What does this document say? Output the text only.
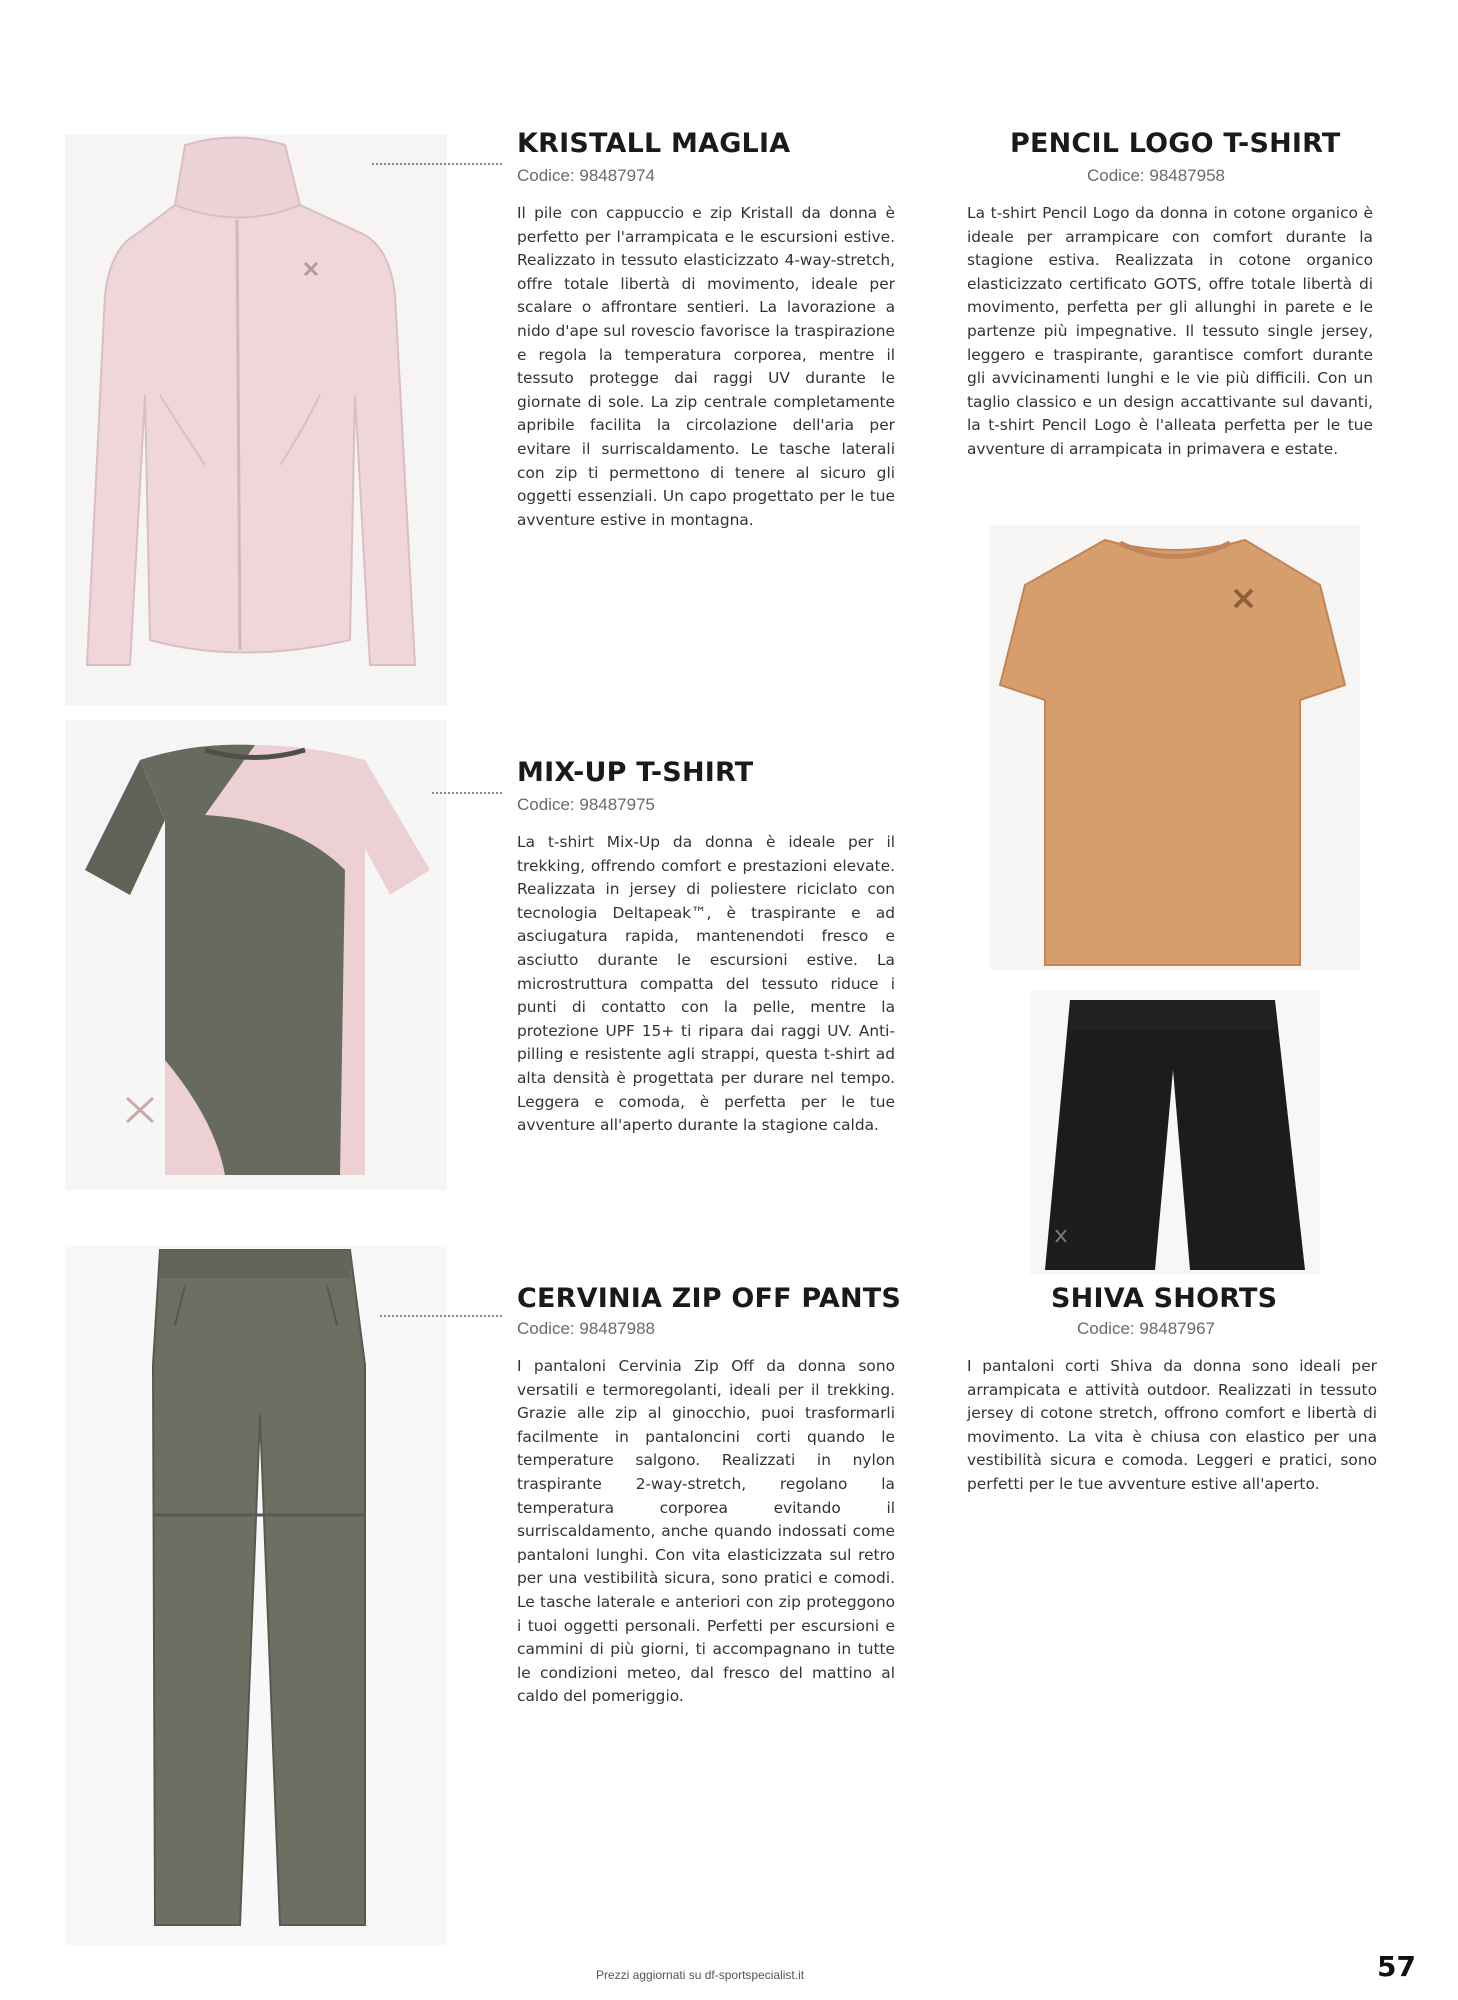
KRISTALL MAGLIA
Codice: 98487974
Il pile con cappuccio e zip Kristall da donna è perfetto per l'arrampicata e le escursioni estive. Realizzato in tessuto elasticizzato 4-way-stretch, offre totale libertà di movimento, ideale per scalare o affrontare sentieri. La lavorazione a nido d'ape sul rovescio favorisce la traspirazione e regola la temperatura corporea, mentre il tessuto protegge dai raggi UV durante le giornate di sole. La zip centrale completamente apribile facilita la circolazione dell'aria per evitare il surriscaldamento. Le tasche laterali con zip ti permettono di tenere al sicuro gli oggetti essenziali. Un capo progettato per le tue avventure estive in montagna.
PENCIL LOGO T-SHIRT
Codice: 98487958
La t-shirt Pencil Logo da donna in cotone organico è ideale per arrampicare con comfort durante la stagione estiva. Realizzata in cotone organico elasticizzato certificato GOTS, offre totale libertà di movimento, perfetta per gli allunghi in parete e le partenze più impegnative. Il tessuto single jersey, leggero e traspirante, garantisce comfort durante gli avvicinamenti lunghi e le vie più difficili. Con un taglio classico e un design accattivante sul davanti, la t-shirt Pencil Logo è l'alleata perfetta per le tue avventure di arrampicata in primavera e estate.
MIX-UP T-SHIRT
Codice: 98487975
La t-shirt Mix-Up da donna è ideale per il trekking, offrendo comfort e prestazioni elevate. Realizzata in jersey di poliestere riciclato con tecnologia Deltapeak™, è traspirante e ad asciugatura rapida, mantenendoti fresco e asciutto durante le escursioni estive. La microstruttura compatta del tessuto riduce i punti di contatto con la pelle, mentre la protezione UPF 15+ ti ripara dai raggi UV. Anti-pilling e resistente agli strappi, questa t-shirt ad alta densità è progettata per durare nel tempo. Leggera e comoda, è perfetta per le tue avventure all'aperto durante la stagione calda.
CERVINIA ZIP OFF PANTS
Codice: 98487988
I pantaloni Cervinia Zip Off da donna sono versatili e termoregolanti, ideali per il trekking. Grazie alle zip al ginocchio, puoi trasformarli facilmente in pantaloncini corti quando le temperature salgono. Realizzati in nylon traspirante 2-way-stretch, regolano la temperatura corporea evitando il surriscaldamento, anche quando indossati come pantaloni lunghi. Con vita elasticizzata sul retro per una vestibilità sicura, sono pratici e comodi. Le tasche laterale e anteriori con zip proteggono i tuoi oggetti personali. Perfetti per escursioni e cammini di più giorni, ti accompagnano in tutte le condizioni meteo, dal fresco del mattino al caldo del pomeriggio.
SHIVA SHORTS
Codice: 98487967
I pantaloni corti Shiva da donna sono ideali per arrampicata e attività outdoor. Realizzati in tessuto jersey di cotone stretch, offrono comfort e libertà di movimento. La vita è chiusa con elastico per una vestibilità sicura e comoda. Leggeri e pratici, sono perfetti per le tue avventure estive all'aperto.
Prezzi aggiornati su df-sportspecialist.it	57
